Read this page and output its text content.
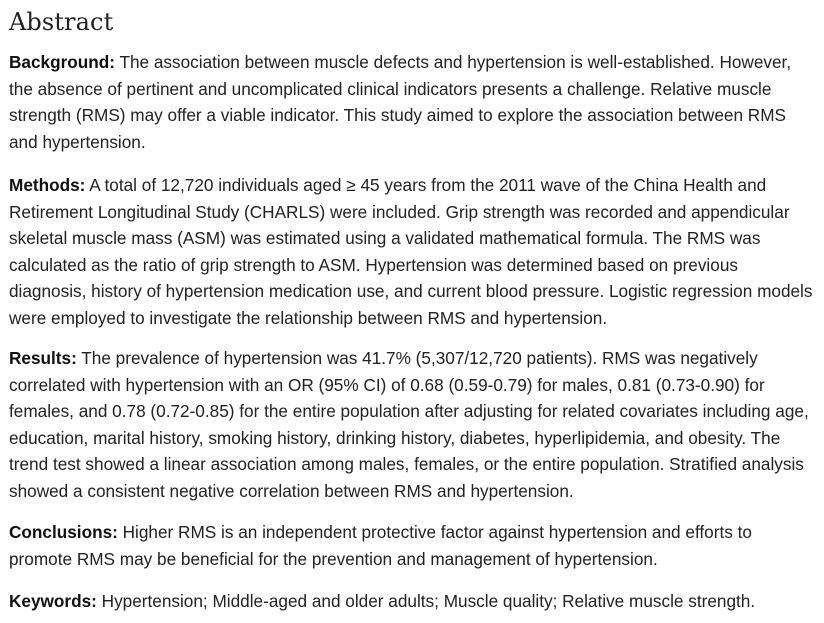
Abstract

Background: The association between muscle defects and hypertension is well-established. However, the absence of pertinent and uncomplicated clinical indicators presents a challenge. Relative muscle strength (RMS) may offer a viable indicator. This study aimed to explore the association between RMS and hypertension.

Methods: A total of 12,720 individuals aged ≥ 45 years from the 2011 wave of the China Health and Retirement Longitudinal Study (CHARLS) were included. Grip strength was recorded and appendicular skeletal muscle mass (ASM) was estimated using a validated mathematical formula. The RMS was calculated as the ratio of grip strength to ASM. Hypertension was determined based on previous diagnosis, history of hypertension medication use, and current blood pressure. Logistic regression models were employed to investigate the relationship between RMS and hypertension.

Results: The prevalence of hypertension was 41.7% (5,307/12,720 patients). RMS was negatively correlated with hypertension with an OR (95% CI) of 0.68 (0.59-0.79) for males, 0.81 (0.73-0.90) for females, and 0.78 (0.72-0.85) for the entire population after adjusting for related covariates including age, education, marital history, smoking history, drinking history, diabetes, hyperlipidemia, and obesity. The trend test showed a linear association among males, females, or the entire population. Stratified analysis showed a consistent negative correlation between RMS and hypertension.

Conclusions: Higher RMS is an independent protective factor against hypertension and efforts to promote RMS may be beneficial for the prevention and management of hypertension.

Keywords: Hypertension; Middle-aged and older adults; Muscle quality; Relative muscle strength.
